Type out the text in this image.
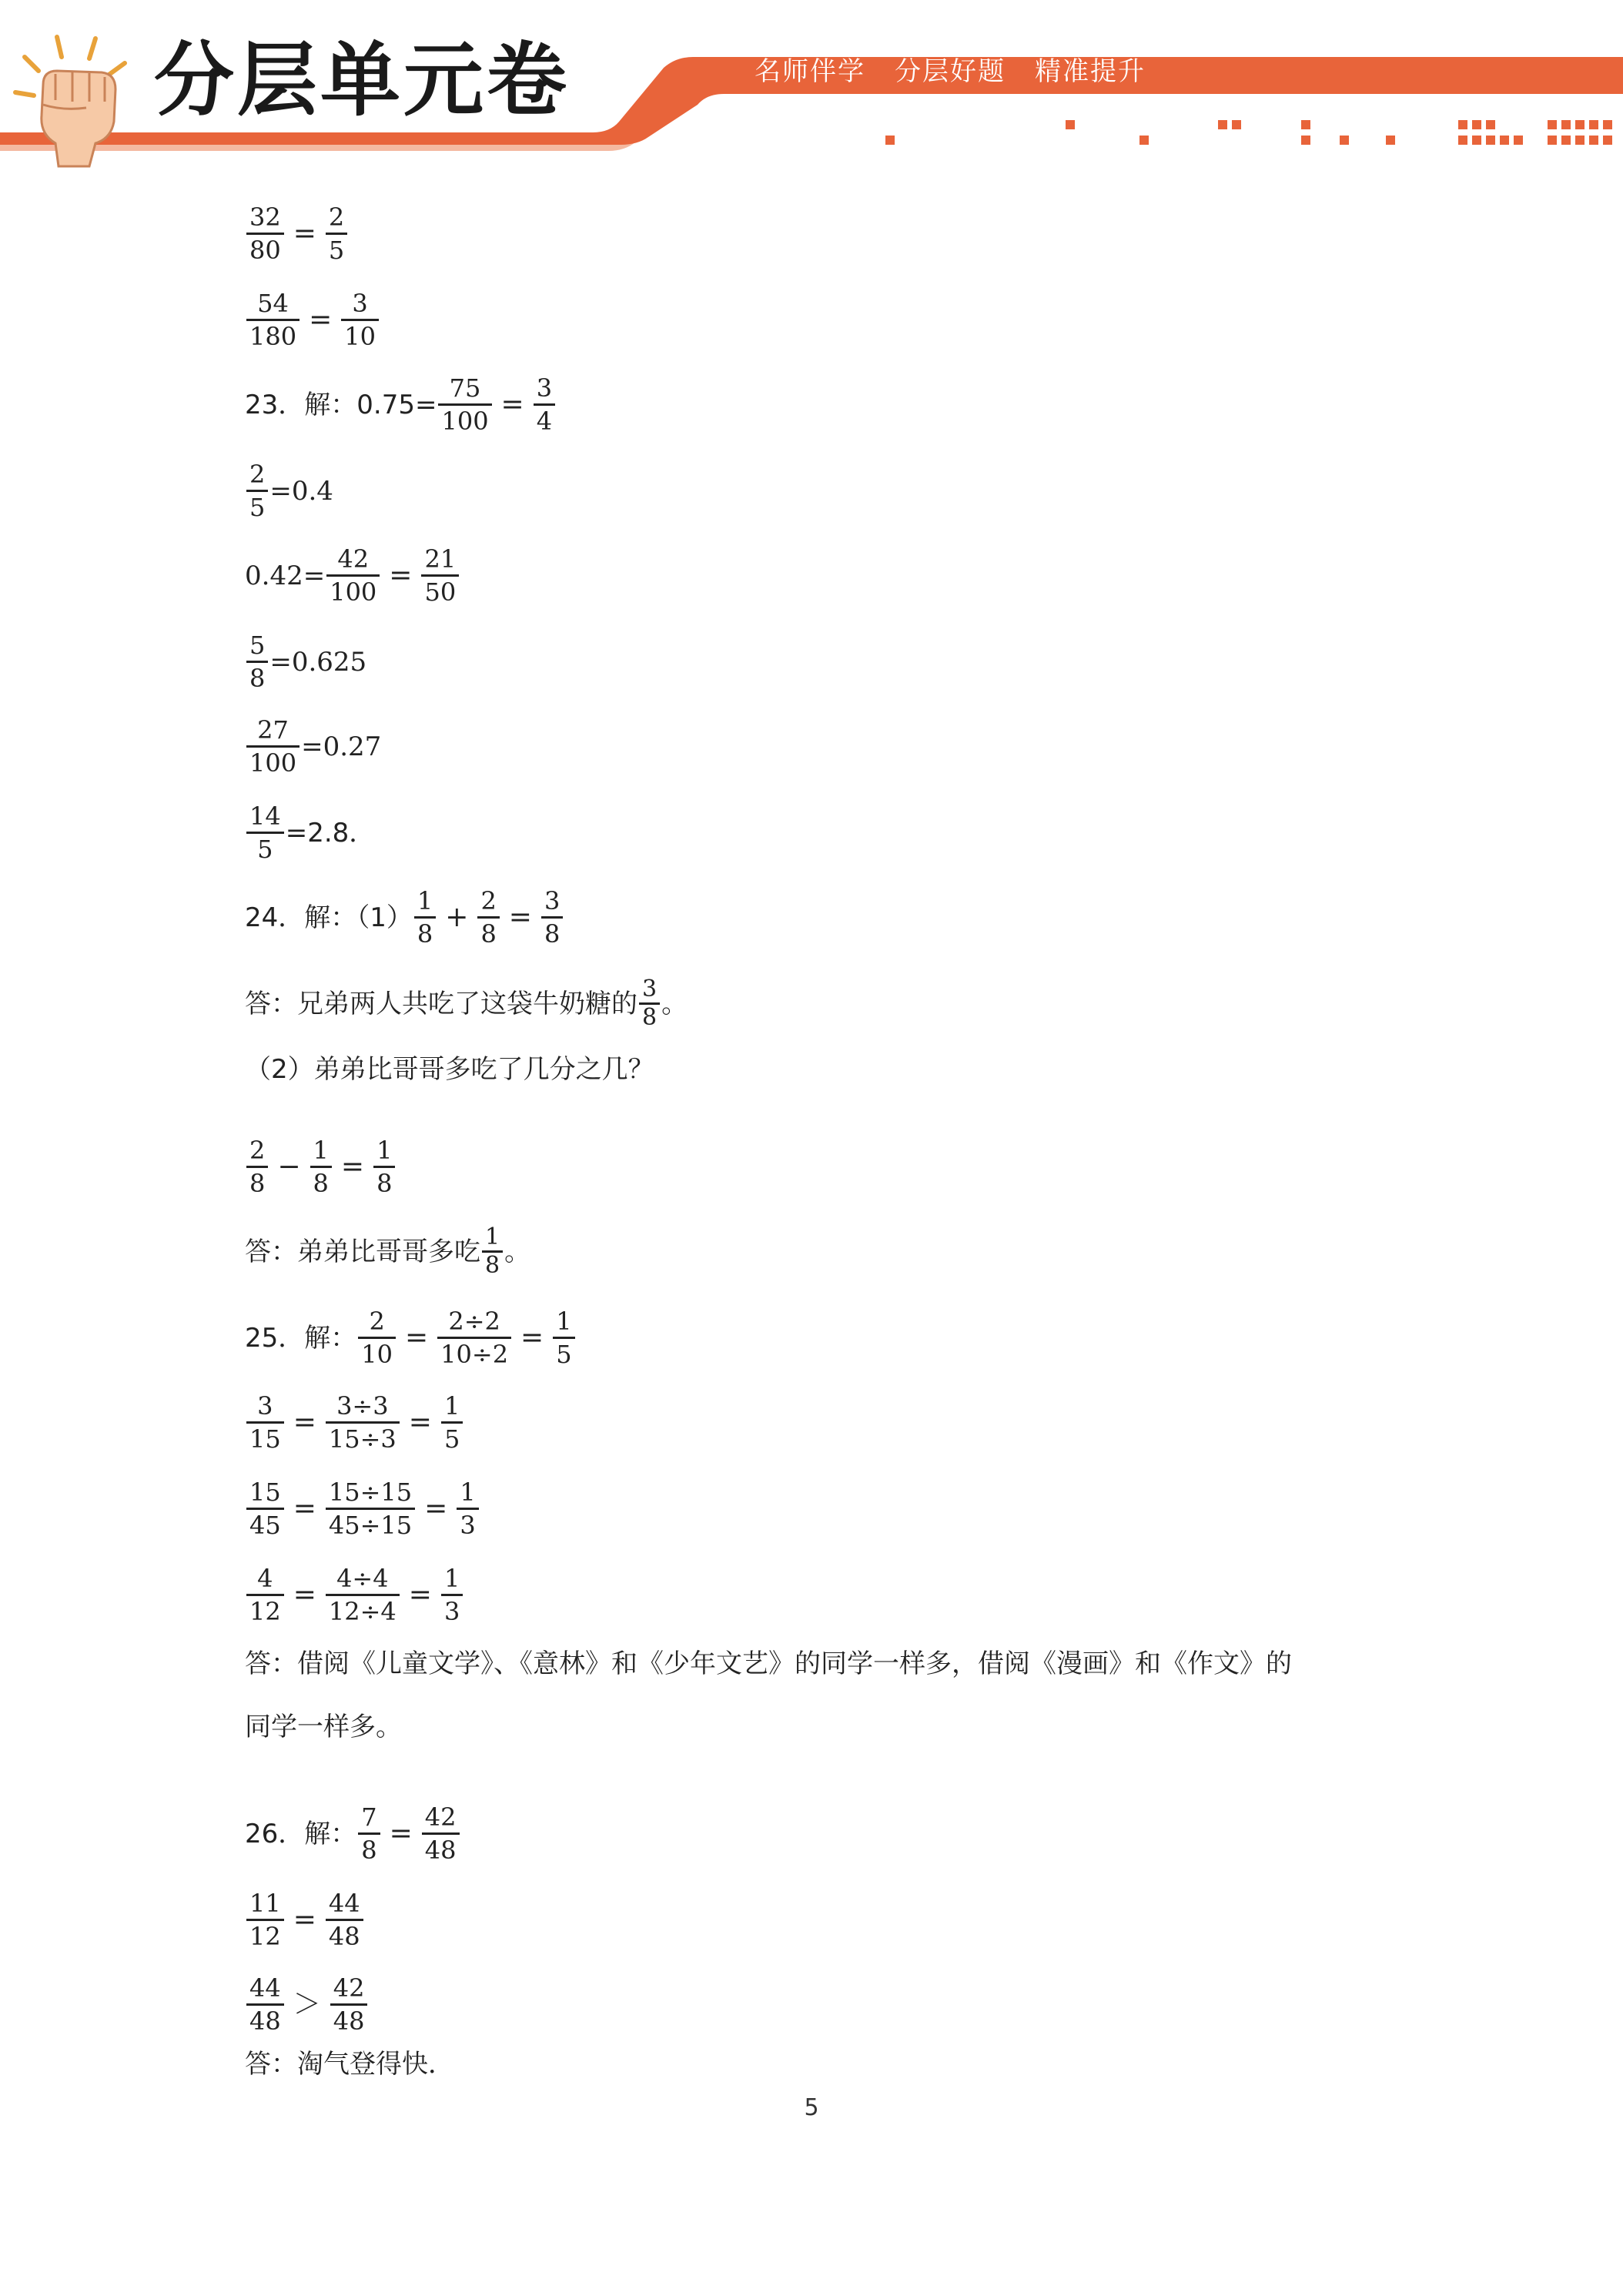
分层单元卷	名师伴学 分层好题 精准提升
$\frac{32}{80} = \frac{2}{5}$
$\frac{54}{180} = \frac{3}{10}$
23．解：$0.75= \frac{75}{100} = \frac{3}{4}$
$\frac{2}{5} =0.4$
$0.42= \frac{42}{100} = \frac{21}{50}$
$\frac{5}{8} =0.625$
$\frac{27}{100} =0.27$
$\frac{14}{5} =2.8$．
24．解：$(1) \frac{1}{8} + \frac{2}{8} = \frac{3}{8}$
答：兄弟两人共吃了这袋牛奶糖的 $\frac{3}{8}$ 。
（2）弟弟比哥哥多吃了几分之几？
$\frac{2}{8} - \frac{1}{8} = \frac{1}{8}$
答：弟弟比哥哥多吃 $\frac{1}{8}$ 。
25．解： $\frac{2}{10} = \frac{2\div 2}{10\div 2} = \frac{1}{5}$
$\frac{3}{15} = \frac{3\div 3}{15\div 3} = \frac{1}{5}$
$\frac{15}{45} = \frac{15\div 15}{45\div 15} = \frac{1}{3}$
$\frac{4}{12} = \frac{4\div 4}{12\div 4} = \frac{1}{3}$
答：借阅《儿童文学》、《意林》和《少年文艺》的同学一样多，借阅《漫画》和《作文》的
同学一样多。
26．解： $\frac{7}{8} = \frac{42}{48}$
$\frac{11}{12} = \frac{44}{48}$
$\frac{44}{48} > \frac{42}{48}$
答：淘气登得快．
5
